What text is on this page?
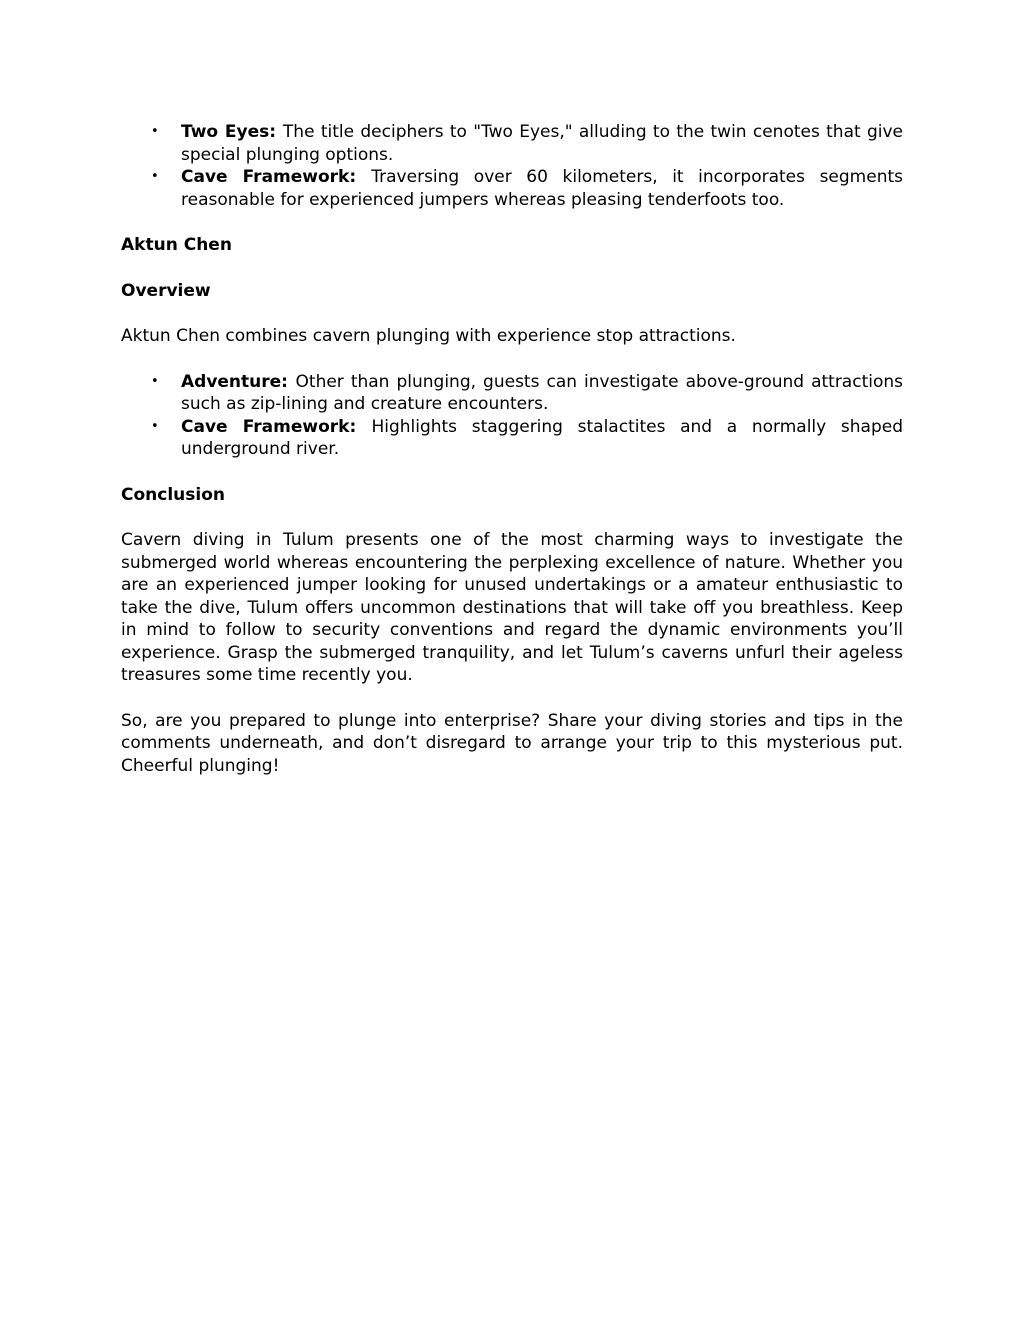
• Two Eyes: The title deciphers to "Two Eyes," alluding to the twin cenotes that give special plunging options.
• Cave Framework: Traversing over 60 kilometers, it incorporates segments reasonable for experienced jumpers whereas pleasing tenderfoots too.

Aktun Chen

Overview

Aktun Chen combines cavern plunging with experience stop attractions.

• Adventure: Other than plunging, guests can investigate above-ground attractions such as zip-lining and creature encounters.
• Cave Framework: Highlights staggering stalactites and a normally shaped underground river.

Conclusion

Cavern diving in Tulum presents one of the most charming ways to investigate the submerged world whereas encountering the perplexing excellence of nature. Whether you are an experienced jumper looking for unused undertakings or a amateur enthusiastic to take the dive, Tulum offers uncommon destinations that will take off you breathless. Keep in mind to follow to security conventions and regard the dynamic environments you’ll experience. Grasp the submerged tranquility, and let Tulum’s caverns unfurl their ageless treasures some time recently you.

So, are you prepared to plunge into enterprise? Share your diving stories and tips in the comments underneath, and don’t disregard to arrange your trip to this mysterious put. Cheerful plunging!
